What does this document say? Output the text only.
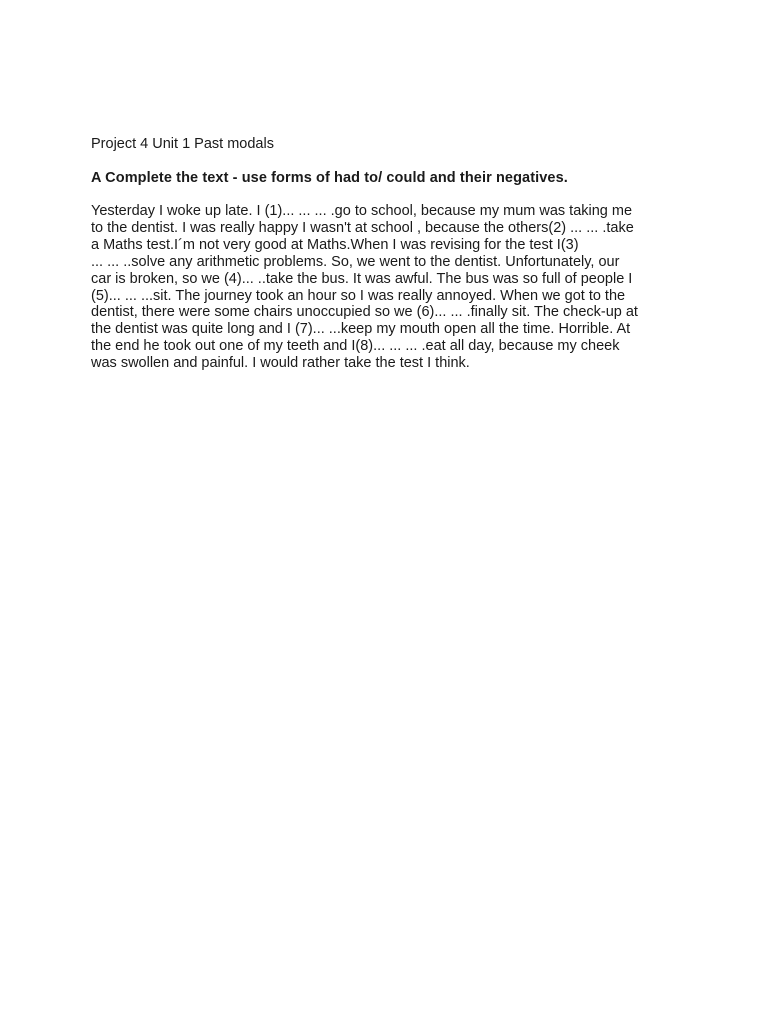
Project 4 Unit 1 Past modals

A Complete the text - use forms of had to/ could and their negatives.

Yesterday I woke up late. I (1)... ... ... .go to school, because my mum was taking me
to the dentist. I was really happy I wasn't at school , because the others(2) ... ... .take
a Maths test.I´m not very good at Maths.When I was revising for the test I(3)
... ... ..solve any arithmetic problems. So, we went to the dentist. Unfortunately, our
car is broken, so we (4)... ..take the bus. It was awful. The bus was so full of people I
(5)... ... ...sit. The journey took an hour so I was really annoyed. When we got to the
dentist, there were some chairs unoccupied so we (6)... ... .finally sit. The check-up at
the dentist was quite long and I (7)... ...keep my mouth open all the time. Horrible. At
the end he took out one of my teeth and I(8)... ... ... .eat all day, because my cheek
was swollen and painful. I would rather take the test I think.
